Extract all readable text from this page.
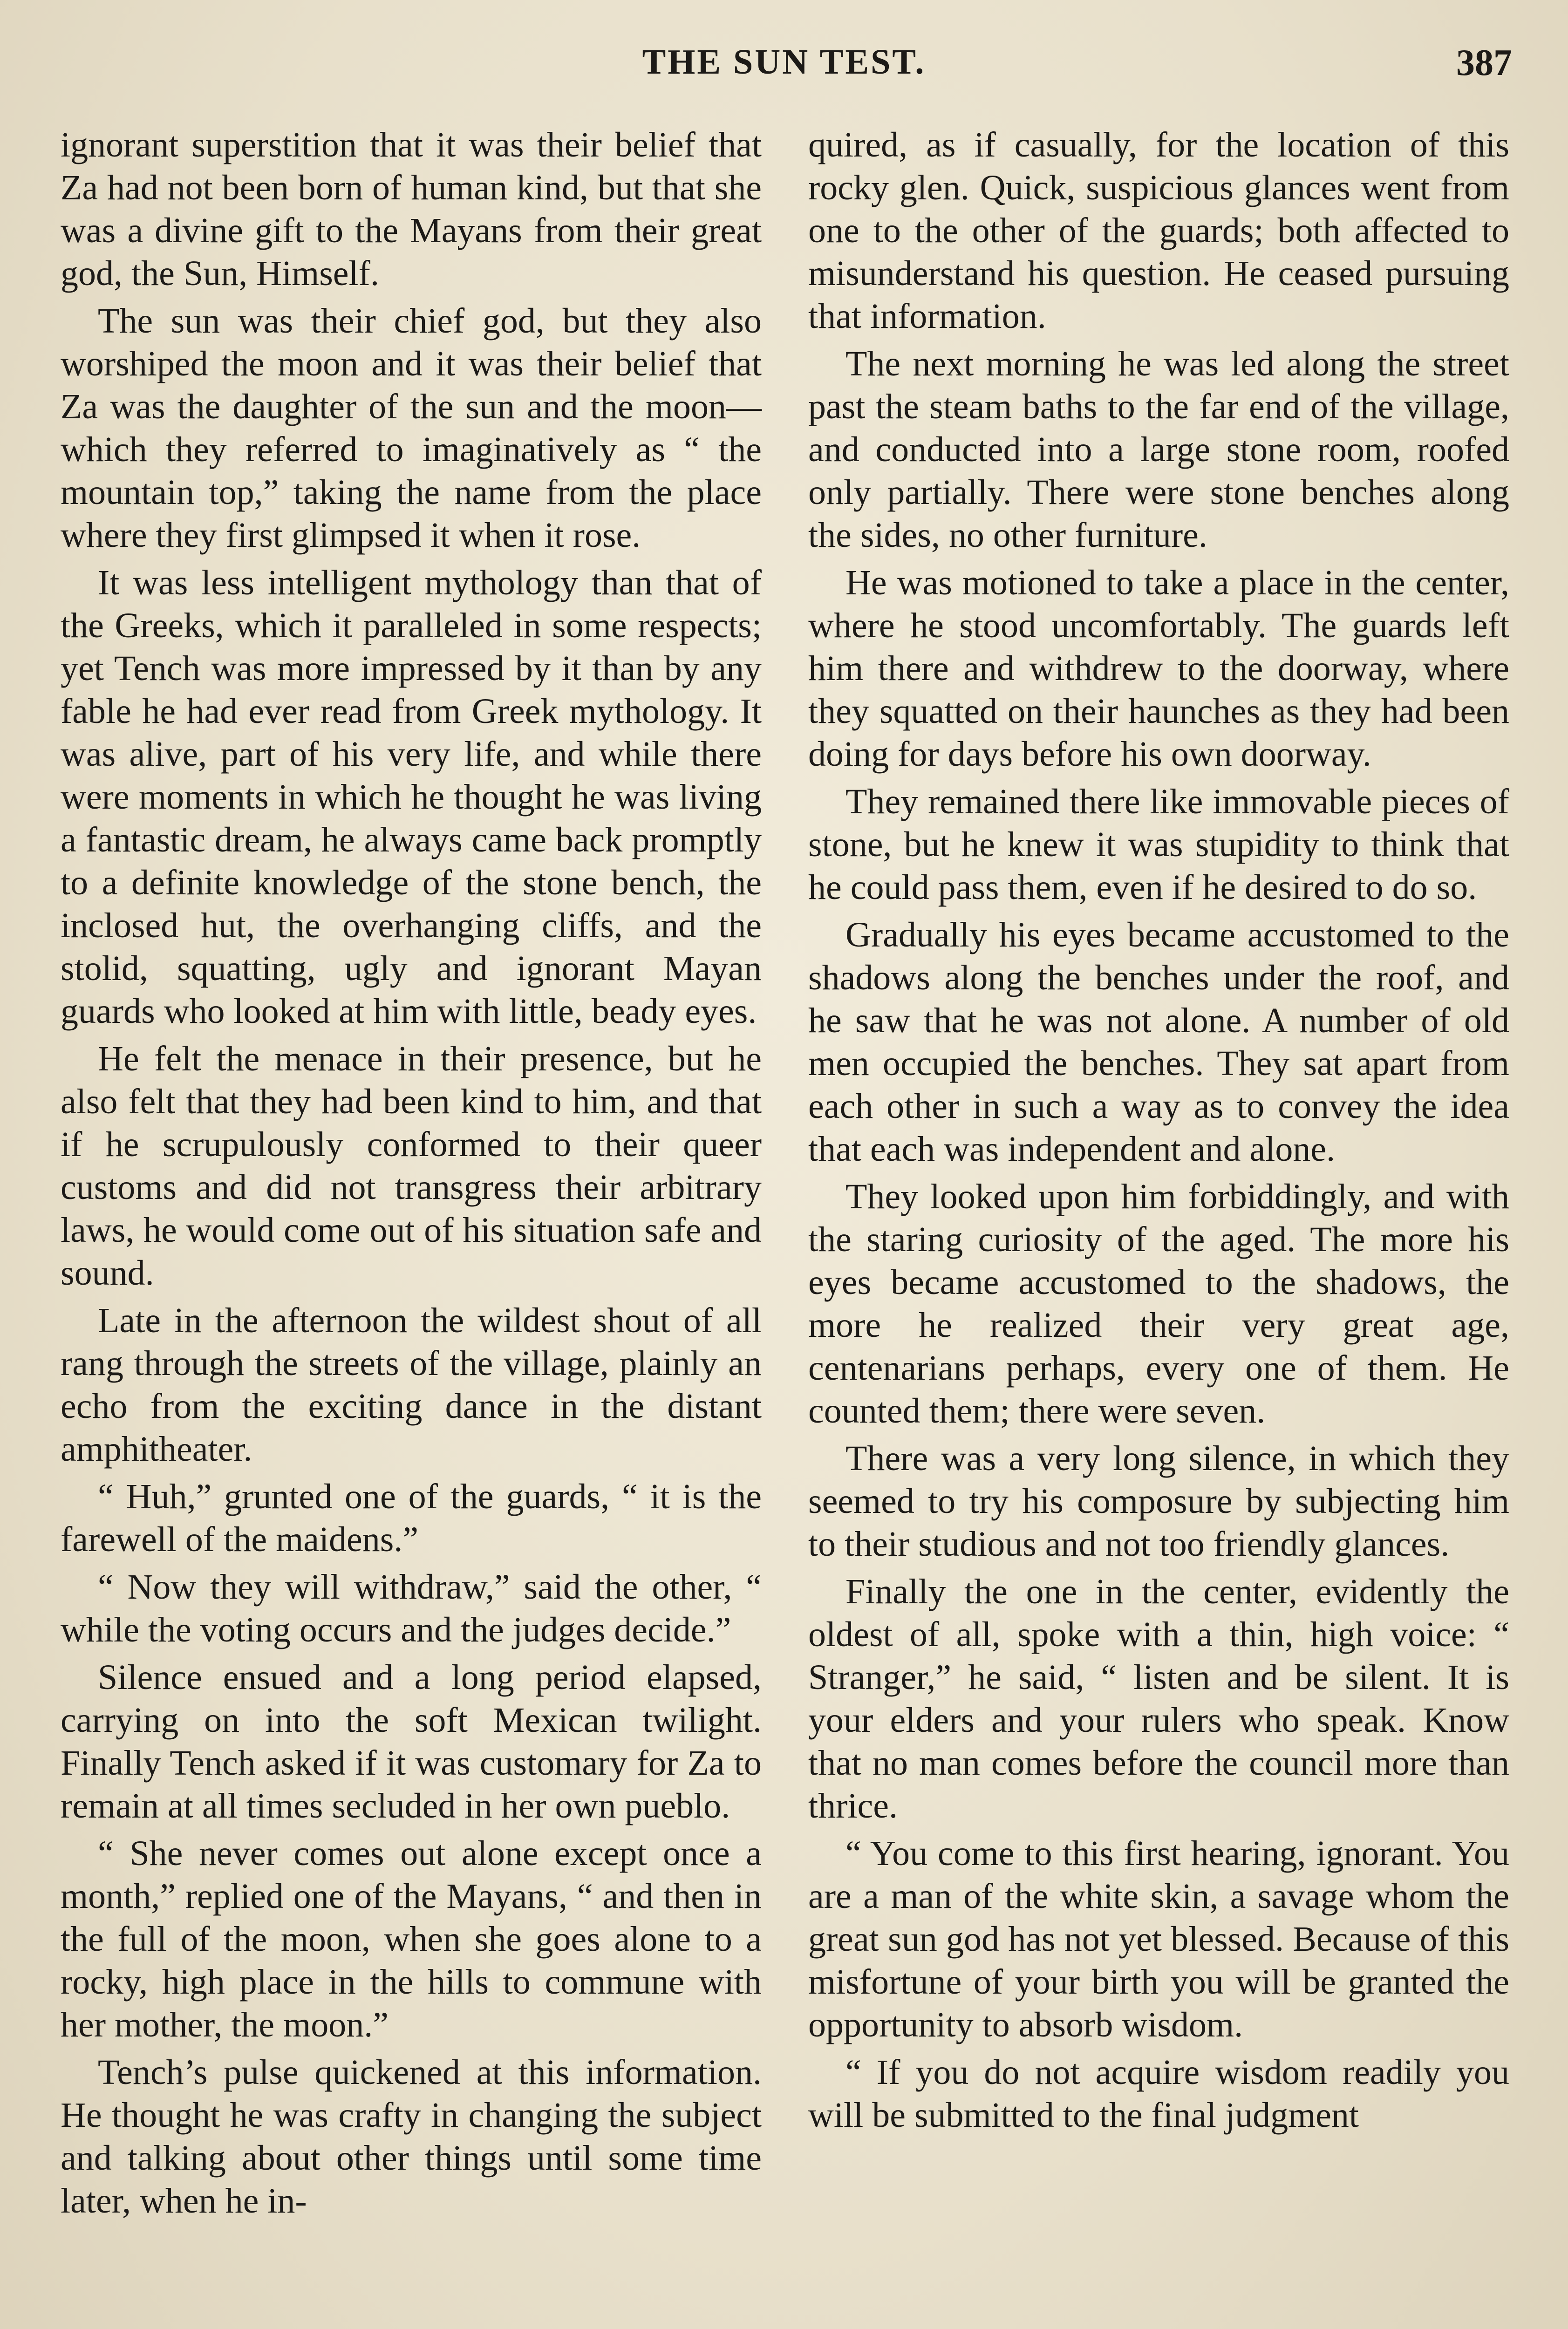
THE SUN TEST.	387

ignorant superstition that it was their belief that Za had not been born of human kind, but that she was a divine gift to the Mayans from their great god, the Sun, Himself.

The sun was their chief god, but they also worshiped the moon and it was their belief that Za was the daughter of the sun and the moon—which they referred to imaginatively as “ the mountain top,” taking the name from the place where they first glimpsed it when it rose.

It was less intelligent mythology than that of the Greeks, which it paralleled in some respects; yet Tench was more impressed by it than by any fable he had ever read from Greek mythology. It was alive, part of his very life, and while there were moments in which he thought he was living a fantastic dream, he always came back promptly to a definite knowledge of the stone bench, the inclosed hut, the overhanging cliffs, and the stolid, squatting, ugly and ignorant Mayan guards who looked at him with little, beady eyes.

He felt the menace in their presence, but he also felt that they had been kind to him, and that if he scrupulously conformed to their queer customs and did not transgress their arbitrary laws, he would come out of his situation safe and sound.

Late in the afternoon the wildest shout of all rang through the streets of the village, plainly an echo from the exciting dance in the distant amphitheater.

“ Huh,” grunted one of the guards, “ it is the farewell of the maidens.”

“ Now they will withdraw,” said the other, “ while the voting occurs and the judges decide.”

Silence ensued and a long period elapsed, carrying on into the soft Mexican twilight. Finally Tench asked if it was customary for Za to remain at all times secluded in her own pueblo.

“ She never comes out alone except once a month,” replied one of the Mayans, “ and then in the full of the moon, when she goes alone to a rocky, high place in the hills to commune with her mother, the moon.”

Tench’s pulse quickened at this information. He thought he was crafty in changing the subject and talking about other things until some time later, when he in-

quired, as if casually, for the location of this rocky glen. Quick, suspicious glances went from one to the other of the guards; both affected to misunderstand his question. He ceased pursuing that information.

The next morning he was led along the street past the steam baths to the far end of the village, and conducted into a large stone room, roofed only partially. There were stone benches along the sides, no other furniture.

He was motioned to take a place in the center, where he stood uncomfortably. The guards left him there and withdrew to the doorway, where they squatted on their haunches as they had been doing for days before his own doorway.

They remained there like immovable pieces of stone, but he knew it was stupidity to think that he could pass them, even if he desired to do so.

Gradually his eyes became accustomed to the shadows along the benches under the roof, and he saw that he was not alone. A number of old men occupied the benches. They sat apart from each other in such a way as to convey the idea that each was independent and alone.

They looked upon him forbiddingly, and with the staring curiosity of the aged. The more his eyes became accustomed to the shadows, the more he realized their very great age, centenarians perhaps, every one of them. He counted them; there were seven.

There was a very long silence, in which they seemed to try his composure by subjecting him to their studious and not too friendly glances.

Finally the one in the center, evidently the oldest of all, spoke with a thin, high voice: “ Stranger,” he said, “ listen and be silent. It is your elders and your rulers who speak. Know that no man comes before the council more than thrice.

“ You come to this first hearing, ignorant. You are a man of the white skin, a savage whom the great sun god has not yet blessed. Because of this misfortune of your birth you will be granted the opportunity to absorb wisdom.

“ If you do not acquire wisdom readily you will be submitted to the final judgment
